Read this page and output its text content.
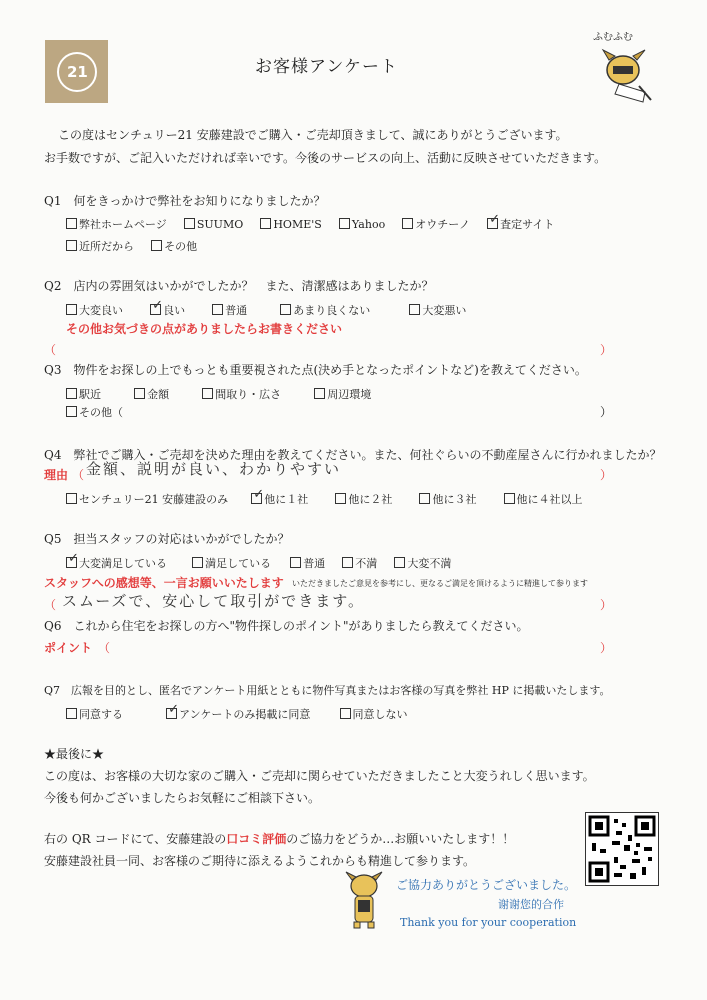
21	お客様アンケート
ふむふむ
この度はセンチュリー21 安藤建設でご購入・ご売却頂きまして、誠にありがとうございます。
お手数ですが、ご記入いただければ幸いです。今後のサービスの向上、活動に反映させていただきます。
Q1　何をきっかけで弊社をお知りになりましたか？
弊社ホームページ	SUUMO	HOME'S	Yahoo	オウチーノ ✓	査定サイト
近所だから	その他
Q2　店内の雰囲気はいかがでしたか？　また、清潔感はありましたか？
大変良い ✓	良い	普通	あまり良くない	大変悪い
その他お気づきの点がありましたらお書きください
（	）
Q3　物件をお探しの上でもっとも重要視された点(決め手となったポイントなど)を教えてください。
駅近	金額	間取り・広さ	周辺環境
その他（	）
Q4　弊社でご購入・ご売却を決めた理由を教えてください。また、何社ぐらいの不動産屋さんに行かれましたか？
理由 （ 金額、説明が良い、わかりやすい	）
センチュリー21 安藤建設のみ ✓	他に１社	他に２社	他に３社	他に４社以上
Q5　担当スタッフの対応はいかがでしたか？
✓大変満足している	満足している	普通	不満	大変不満
スタッフへの感想等、一言お願いいたします いただきましたご意見を参考にし、更なるご満足を頂けるように精進して参ります
（ スムーズで、安心して取引ができます。	）
Q6　これから住宅をお探しの方へ"物件探しのポイント"がありましたら教えてください。
ポイント （	）
Q7　広報を目的とし、匿名でアンケート用紙とともに物件写真またはお客様の写真を弊社 HP に掲載いたします。
同意する ✓	アンケートのみ掲載に同意	同意しない
★最後に★
この度は、お客様の大切な家のご購入・ご売却に関らせていただきましたこと大変うれしく思います。
今後も何かございましたらお気軽にご相談下さい。
右の QR コードにて、安藤建設の口コミ評価のご協力をどうか…お願いいたします！！
安藤建設社員一同、お客様のご期待に添えるようこれからも精進して参ります。
ご協力ありがとうございました。
谢谢您的合作
Thank you for your cooperation
